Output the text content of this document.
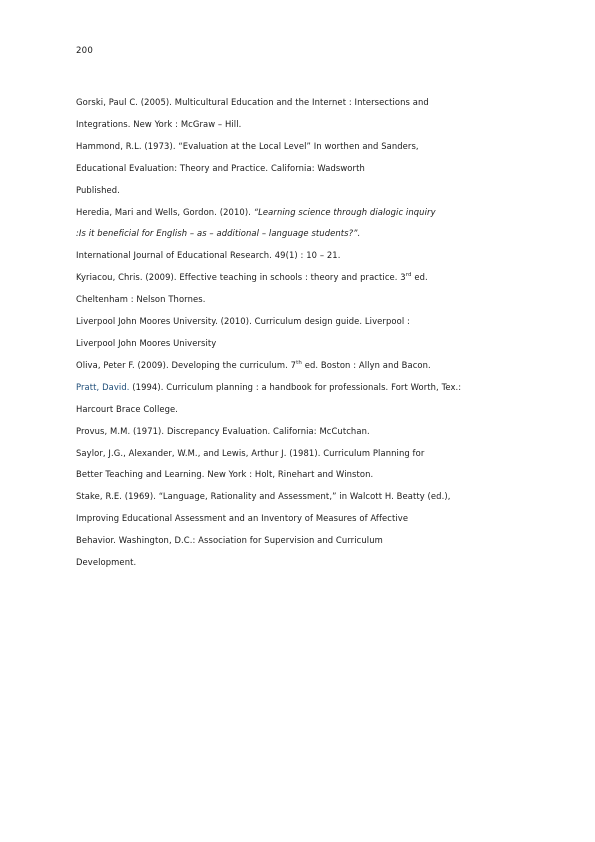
200
Gorski, Paul C. (2005). Multicultural Education and the Internet : Intersections and
Integrations. New York : McGraw – Hill.
Hammond, R.L. (1973). “Evaluation at the Local Level” In worthen and Sanders,
Educational Evaluation: Theory and Practice. California: Wadsworth
Published.
Heredia, Mari and Wells, Gordon. (2010). “Learning science through dialogic inquiry
:Is it beneficial for English – as – additional – language students?”.
International Journal of Educational Research. 49(1) : 10 – 21.
Kyriacou, Chris. (2009). Effective teaching in schools : theory and practice. 3rd ed.
Cheltenham : Nelson Thornes.
Liverpool John Moores University. (2010). Curriculum design guide. Liverpool :
Liverpool John Moores University
Oliva, Peter F. (2009). Developing the curriculum. 7th ed. Boston : Allyn and Bacon.
Pratt, David. (1994). Curriculum planning : a handbook for professionals. Fort Worth, Tex.:
Harcourt Brace College.
Provus, M.M. (1971). Discrepancy Evaluation. California: McCutchan.
Saylor, J.G., Alexander, W.M., and Lewis, Arthur J. (1981). Curriculum Planning for
Better Teaching and Learning. New York : Holt, Rinehart and Winston.
Stake, R.E. (1969). “Language, Rationality and Assessment,” in Walcott H. Beatty (ed.),
Improving Educational Assessment and an Inventory of Measures of Affective
Behavior. Washington, D.C.: Association for Supervision and Curriculum
Development.
